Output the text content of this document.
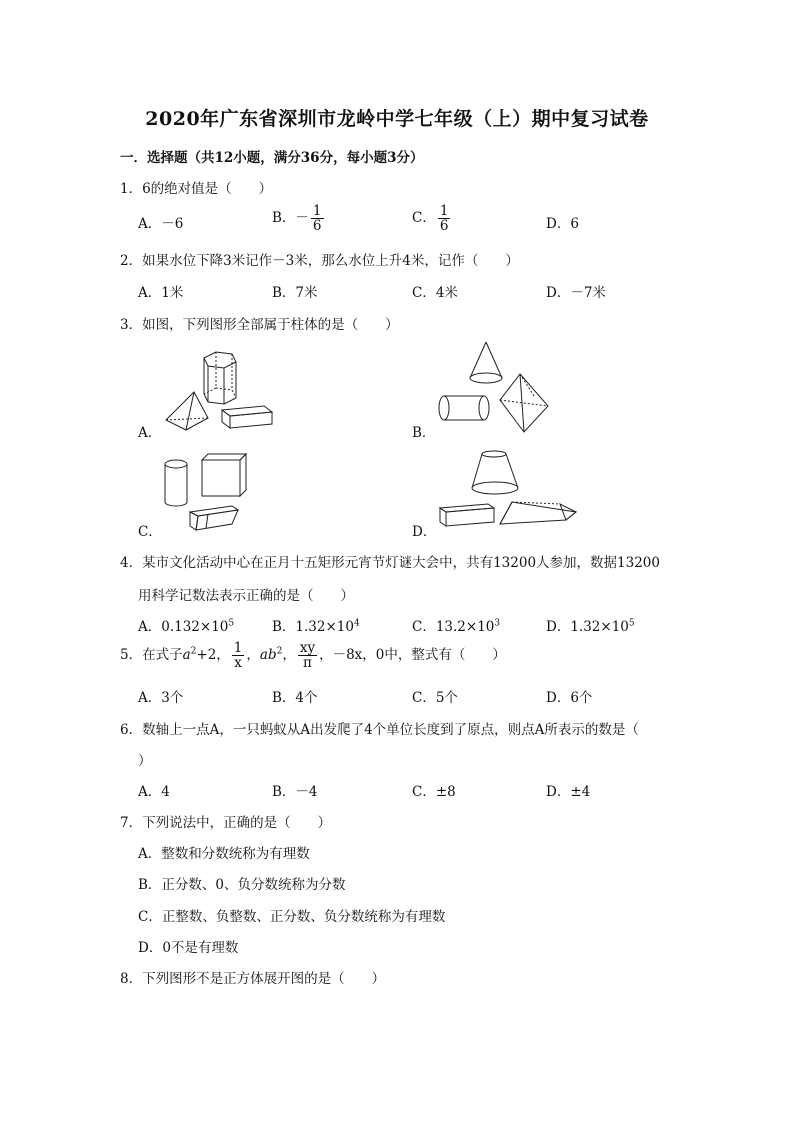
2020年广东省深圳市龙岭中学七年级（上）期中复习试卷
一．选择题（共12小题，满分36分，每小题3分）
1．6的绝对值是（　　）
A．－6	B．－ $\frac{1}{6}$	C． $\frac{1}{6}$	D．6
2．如果水位下降3米记作－3米，那么水位上升4米，记作（　　）
A．1米	B．7米	C．4米	D．－7米
3．如图，下列图形全部属于柱体的是（　　）
A．	B．
C．	D．
4．某市文化活动中心在正月十五矩形元宵节灯谜大会中，共有13200人参加，数据13200
用科学记数法表示正确的是（　　）
A．$0.132\times 10^5$	B．$1.32\times 10^4$	C．$13.2\times 10^3$	D．$1.32\times 10^5$
5．在式子$a^2+2$， $\frac{1}{x}$ ，$ab^2$， $\frac{xy}{\pi}$ ，－8x，0中，整式有（　　）
A．3个	B．4个	C．5个	D．6个
6．数轴上一点A，一只蚂蚁从A出发爬了4个单位长度到了原点，则点A所表示的数是（
）
A．4	B．－4	C．±8	D．±4
7．下列说法中，正确的是（　　）
A．整数和分数统称为有理数
B．正分数、0、负分数统称为分数
C．正整数、负整数、正分数、负分数统称为有理数
D．0不是有理数
8．下列图形不是正方体展开图的是（　　）
